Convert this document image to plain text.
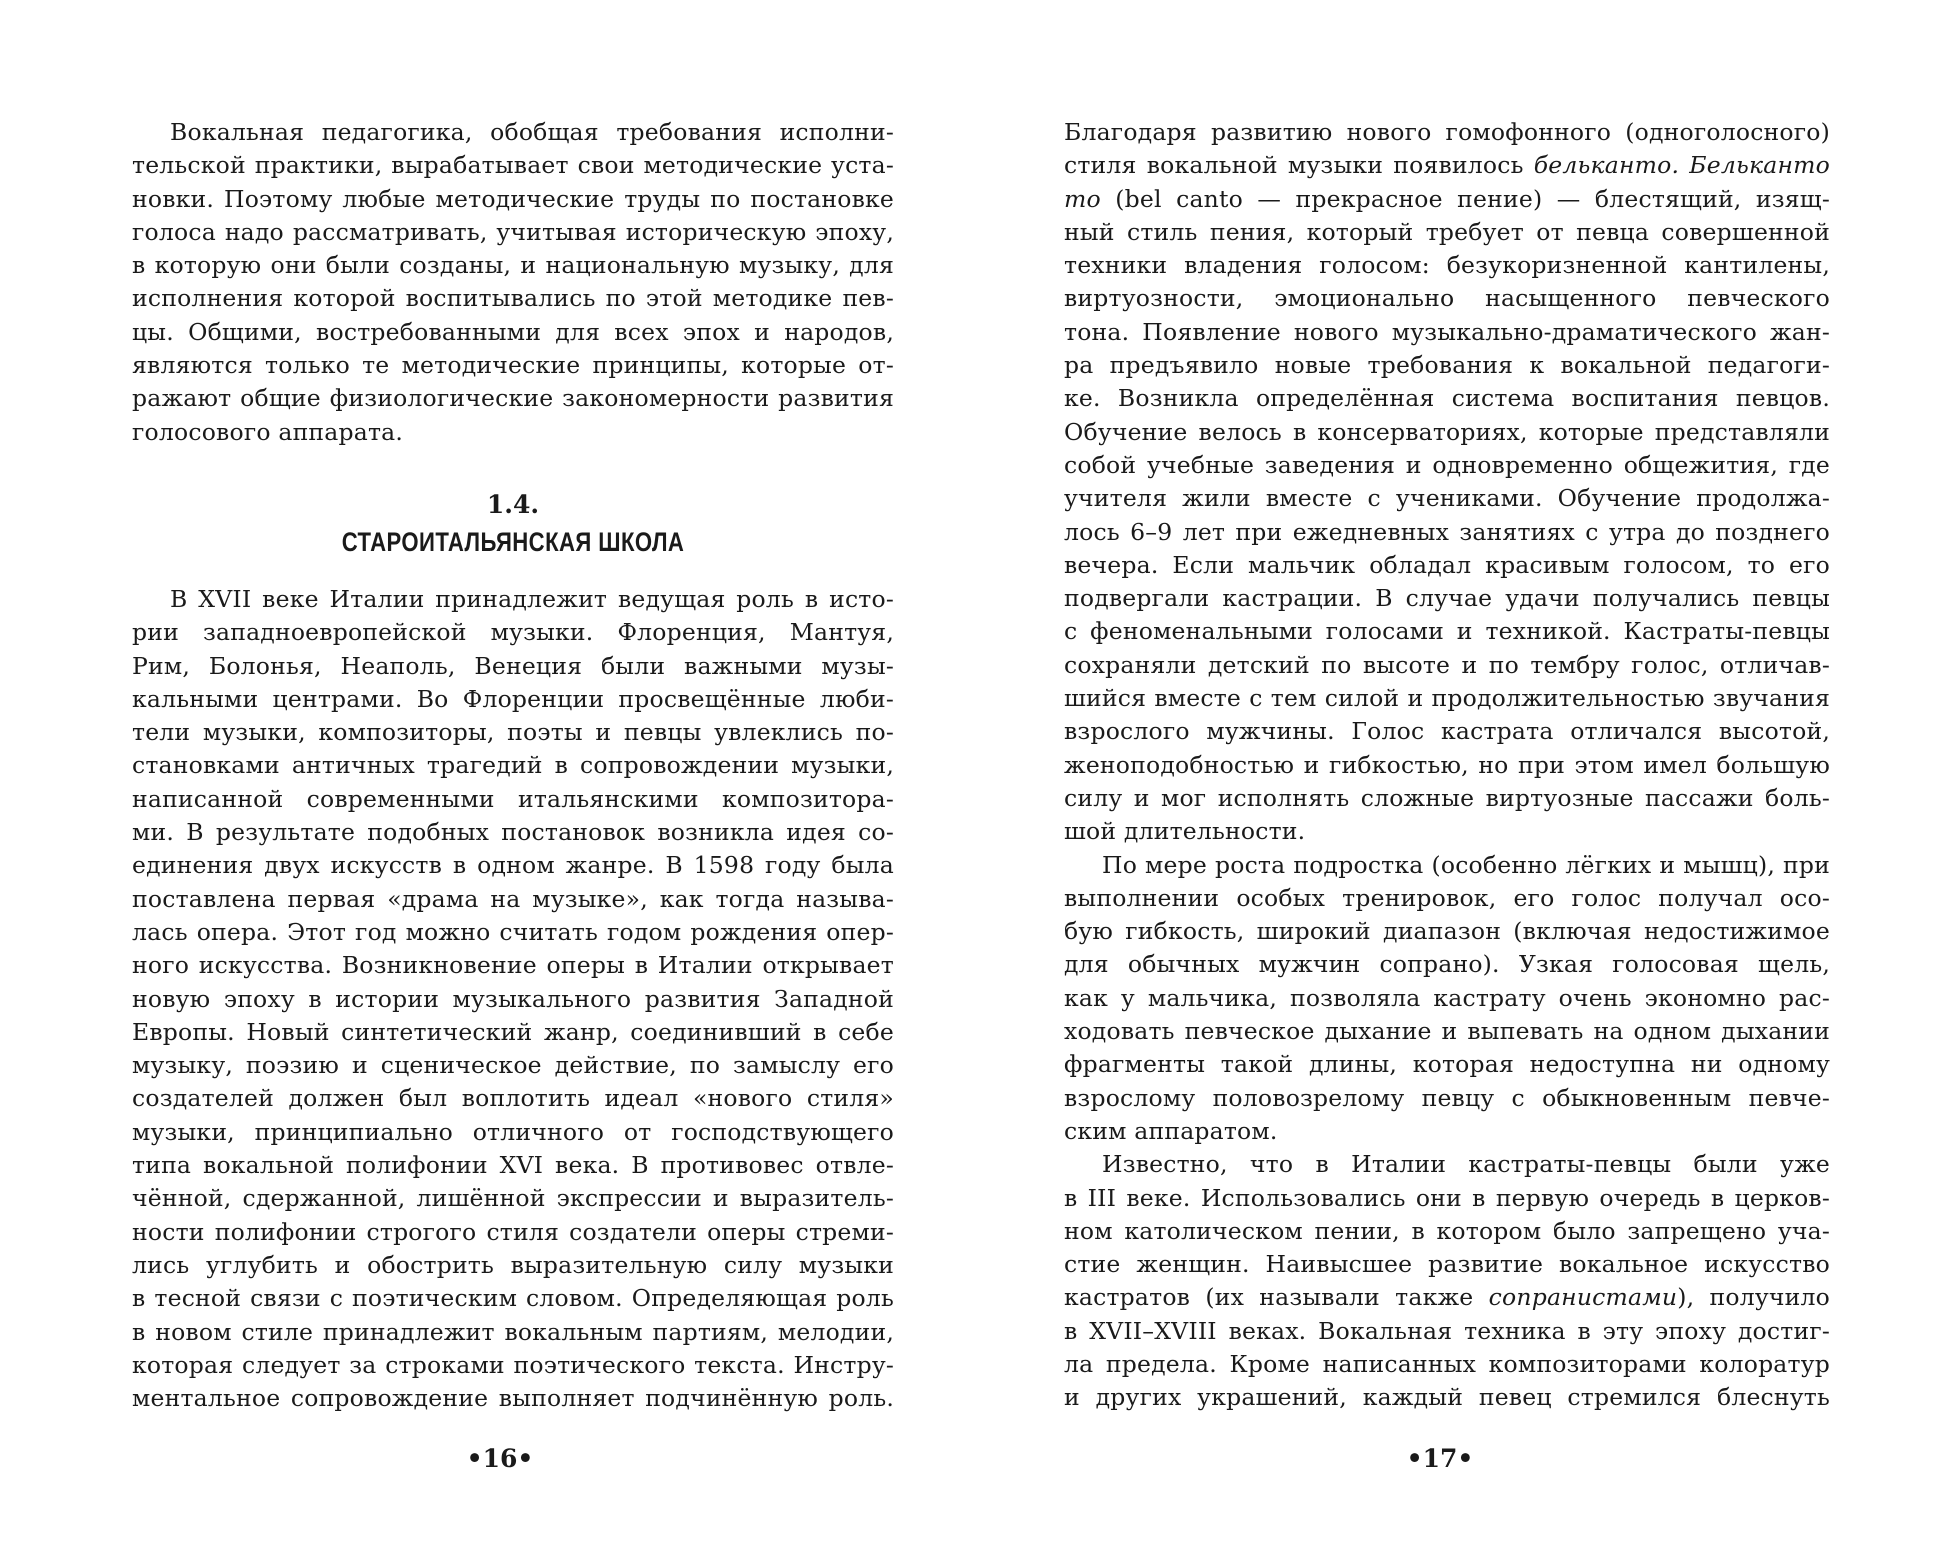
Вокальная педагогика, обобщая требования исполни-
тельской практики, вырабатывает свои методические уста-
новки. Поэтому любые методические труды по постановке
голоса надо рассматривать, учитывая историческую эпоху,
в которую они были созданы, и национальную музыку, для
исполнения которой воспитывались по этой методике пев-
цы. Общими, востребованными для всех эпох и народов,
являются только те методические принципы, которые от-
ражают общие физиологические закономерности развития
голосового аппарата.
1.4.
СТАРОИТАЛЬЯНСКАЯ ШКОЛА
В XVII веке Италии принадлежит ведущая роль в исто-
рии западноевропейской музыки. Флоренция, Мантуя,
Рим, Болонья, Неаполь, Венеция были важными музы-
кальными центрами. Во Флоренции просвещённые люби-
тели музыки, композиторы, поэты и певцы увлеклись по-
становками античных трагедий в сопровождении музыки,
написанной современными итальянскими композитора-
ми. В результате подобных постановок возникла идея со-
единения двух искусств в одном жанре. В 1598 году была
поставлена первая «драма на музыке», как тогда называ-
лась опера. Этот год можно считать годом рождения опер-
ного искусства. Возникновение оперы в Италии открывает
новую эпоху в истории музыкального развития Западной
Европы. Новый синтетический жанр, соединивший в себе
музыку, поэзию и сценическое действие, по замыслу его
создателей должен был воплотить идеал «нового стиля»
музыки, принципиально отличного от господствующего
типа вокальной полифонии XVI века. В противовес отвле-
чённой, сдержанной, лишённой экспрессии и выразитель-
ности полифонии строгого стиля создатели оперы стреми-
лись углубить и обострить выразительную силу музыки
в тесной связи с поэтическим словом. Определяющая роль
в новом стиле принадлежит вокальным партиям, мелодии,
которая следует за строками поэтического текста. Инстру-
ментальное сопровождение выполняет подчинённую роль.
•16•
Благодаря развитию нового гомофонного (одноголосного)
стиля вокальной музыки появилось бельканто. Бельканто
то (bel canto — прекрасное пение) — блестящий, изящ-
ный стиль пения, который требует от певца совершенной
техники владения голосом: безукоризненной кантилены,
виртуозности, эмоционально насыщенного певческого
тона. Появление нового музыкально-драматического жан-
ра предъявило новые требования к вокальной педагоги-
ке. Возникла определённая система воспитания певцов.
Обучение велось в консерваториях, которые представляли
собой учебные заведения и одновременно общежития, где
учителя жили вместе с учениками. Обучение продолжа-
лось 6–9 лет при ежедневных занятиях с утра до позднего
вечера. Если мальчик обладал красивым голосом, то его
подвергали кастрации. В случае удачи получались певцы
с феноменальными голосами и техникой. Кастраты-певцы
сохраняли детский по высоте и по тембру голос, отличав-
шийся вместе с тем силой и продолжительностью звучания
взрослого мужчины. Голос кастрата отличался высотой,
женоподобностью и гибкостью, но при этом имел большую
силу и мог исполнять сложные виртуозные пассажи боль-
шой длительности.
По мере роста подростка (особенно лёгких и мышц), при
выполнении особых тренировок, его голос получал осо-
бую гибкость, широкий диапазон (включая недостижимое
для обычных мужчин сопрано). Узкая голосовая щель,
как у мальчика, позволяла кастрату очень экономно рас-
ходовать певческое дыхание и выпевать на одном дыхании
фрагменты такой длины, которая недоступна ни одному
взрослому половозрелому певцу с обыкновенным певче-
ским аппаратом.
Известно, что в Италии кастраты-певцы были уже
в III веке. Использовались они в первую очередь в церков-
ном католическом пении, в котором было запрещено уча-
стие женщин. Наивысшее развитие вокальное искусство
кастратов (их называли также сопранистами), получило
в XVII–XVIII веках. Вокальная техника в эту эпоху достиг-
ла предела. Кроме написанных композиторами колоратур
и других украшений, каждый певец стремился блеснуть
•17•
